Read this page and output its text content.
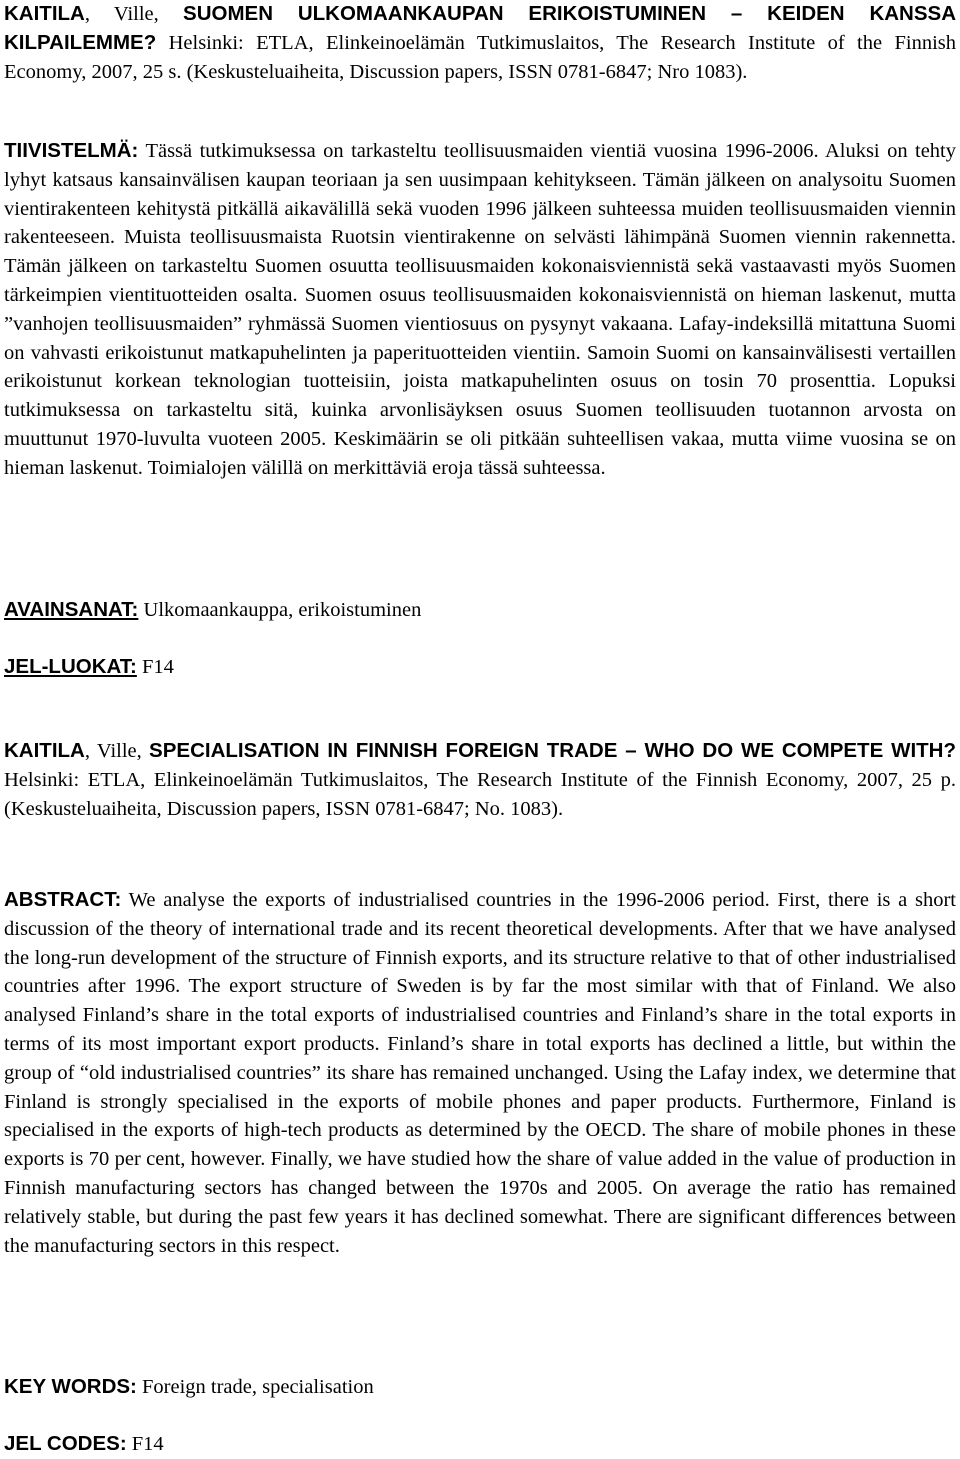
KAITILA, Ville, SUOMEN ULKOMAANKAUPAN ERIKOISTUMINEN – KEIDEN KANSSA KILPAILEMME? Helsinki: ETLA, Elinkeinoelämän Tutkimuslaitos, The Research Institute of the Finnish Economy, 2007, 25 s. (Keskusteluaiheita, Discussion papers, ISSN 0781-6847; Nro 1083).

TIIVISTELMÄ: Tässä tutkimuksessa on tarkasteltu teollisuusmaiden vientiä vuosina 1996-2006. Aluksi on tehty lyhyt katsaus kansainvälisen kaupan teoriaan ja sen uusimpaan kehitykseen. Tämän jälkeen on analysoitu Suomen vientirakenteen kehitystä pitkällä aikavälillä sekä vuoden 1996 jälkeen suhteessa muiden teollisuusmaiden viennin rakenteeseen. Muista teollisuusmaista Ruotsin vientirakenne on selvästi lähimpänä Suomen viennin rakennetta. Tämän jälkeen on tarkasteltu Suomen osuutta teollisuusmaiden kokonaisviennistä sekä vastaavasti myös Suomen tärkeimpien vientituotteiden osalta. Suomen osuus teollisuusmaiden kokonaisviennistä on hieman laskenut, mutta ”vanhojen teollisuusmaiden” ryhmässä Suomen vientiosuus on pysynyt vakaana. Lafay-indeksillä mitattuna Suomi on vahvasti erikoistunut matkapuhelinten ja paperituotteiden vientiin. Samoin Suomi on kansainvälisesti vertaillen erikoistunut korkean teknologian tuotteisiin, joista matkapuhelinten osuus on tosin 70 prosenttia. Lopuksi tutkimuksessa on tarkasteltu sitä, kuinka arvonlisäyksen osuus Suomen teollisuuden tuotannon arvosta on muuttunut 1970-luvulta vuoteen 2005. Keskimäärin se oli pitkään suhteellisen vakaa, mutta viime vuosina se on hieman laskenut. Toimialojen välillä on merkittäviä eroja tässä suhteessa.

AVAINSANAT: Ulkomaankauppa, erikoistuminen

JEL-LUOKAT: F14

KAITILA, Ville, SPECIALISATION IN FINNISH FOREIGN TRADE – WHO DO WE COMPETE WITH? Helsinki: ETLA, Elinkeinoelämän Tutkimuslaitos, The Research Institute of the Finnish Economy, 2007, 25 p. (Keskusteluaiheita, Discussion papers, ISSN 0781-6847; No. 1083).

ABSTRACT: We analyse the exports of industrialised countries in the 1996-2006 period. First, there is a short discussion of the theory of international trade and its recent theoretical developments. After that we have analysed the long-run development of the structure of Finnish exports, and its structure relative to that of other industrialised countries after 1996. The export structure of Sweden is by far the most similar with that of Finland. We also analysed Finland’s share in the total exports of industrialised countries and Finland’s share in the total exports in terms of its most important export products. Finland’s share in total exports has declined a little, but within the group of “old industrialised countries” its share has remained unchanged. Using the Lafay index, we determine that Finland is strongly specialised in the exports of mobile phones and paper products. Furthermore, Finland is specialised in the exports of high-tech products as determined by the OECD. The share of mobile phones in these exports is 70 per cent, however. Finally, we have studied how the share of value added in the value of production in Finnish manufacturing sectors has changed between the 1970s and 2005. On average the ratio has remained relatively stable, but during the past few years it has declined somewhat. There are significant differences between the manufacturing sectors in this respect.

KEY WORDS: Foreign trade, specialisation

JEL CODES: F14
